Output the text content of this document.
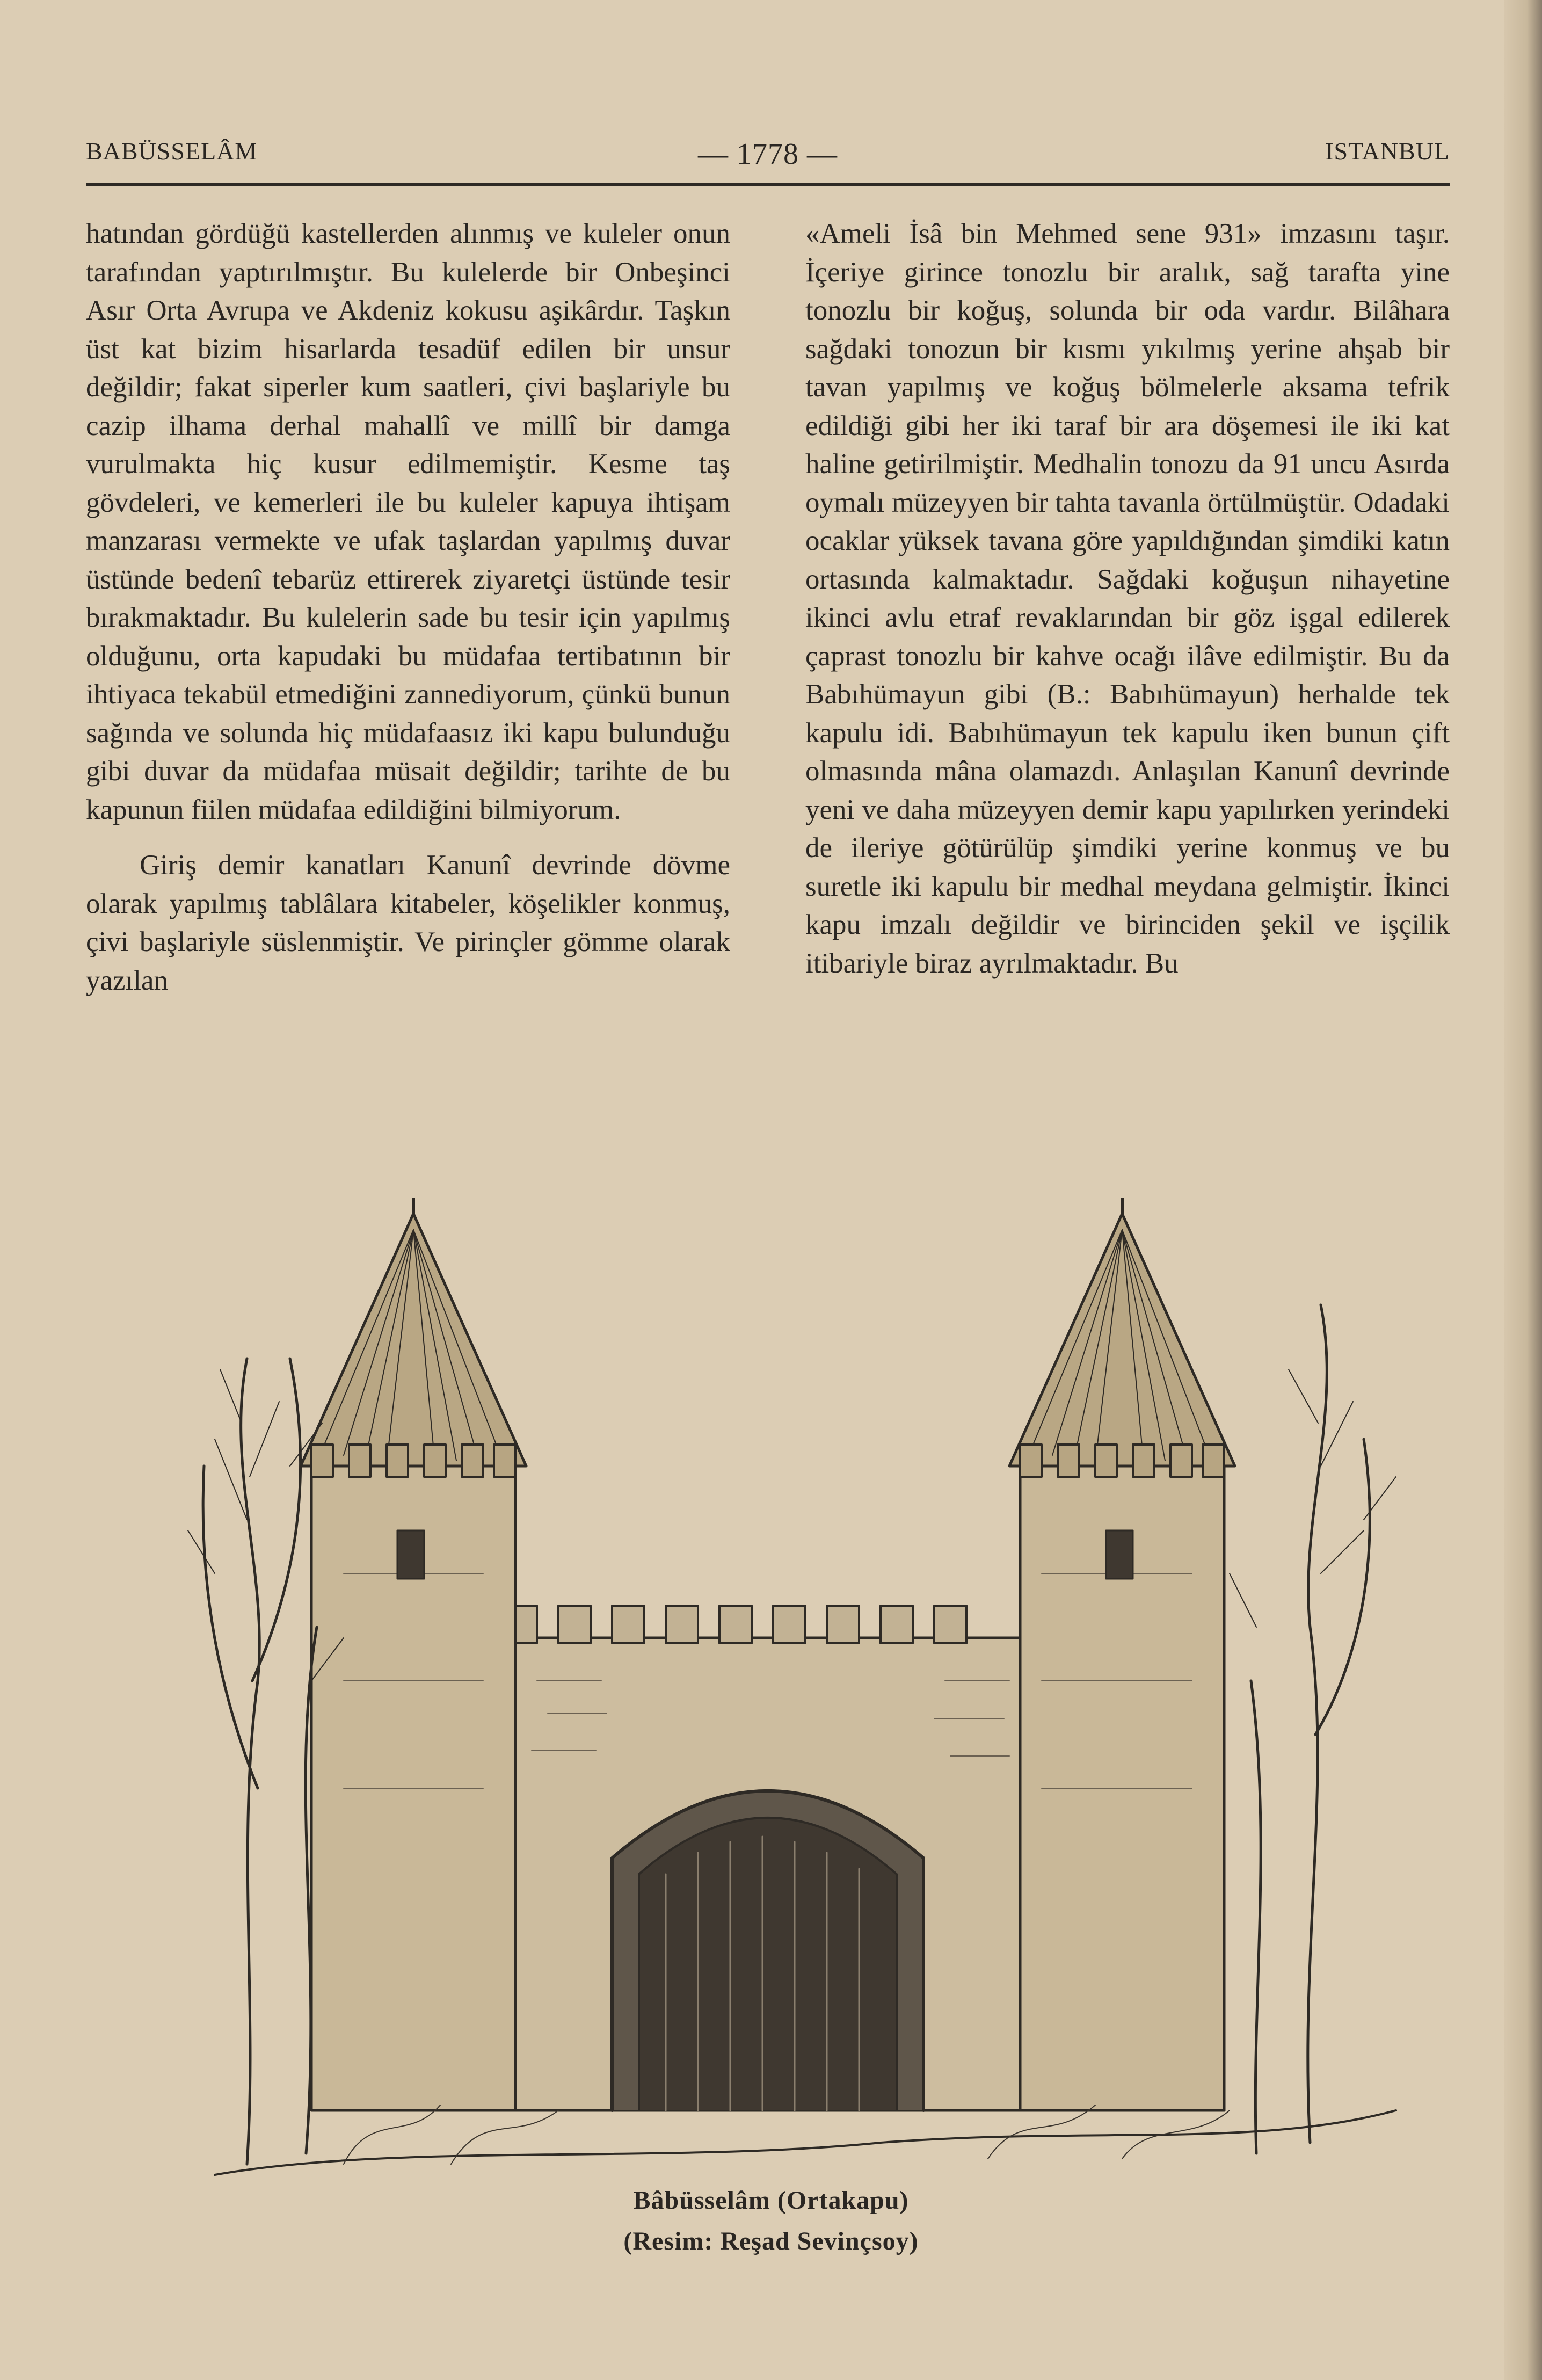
BABÜSSELÂM	— 1778 —	ISTANBUL

hatından gördüğü kastellerden alınmış ve kuleler onun tarafından yaptırılmıştır. Bu kulelerde bir Onbeşinci Asır Orta Avrupa ve Akdeniz kokusu aşikârdır. Taşkın üst kat bizim hisarlarda tesadüf edilen bir unsur değildir; fakat siperler kum saatleri, çivi başlariyle bu cazip ilhama derhal mahallî ve millî bir damga vurulmakta hiç kusur edilmemiştir. Kesme taş gövdeleri, ve kemerleri ile bu kuleler kapuya ihtişam manzarası vermekte ve ufak taşlardan yapılmış duvar üstünde bedenî tebarüz ettirerek ziyaretçi üstünde tesir bırakmaktadır. Bu kulelerin sade bu tesir için yapılmış olduğunu, orta kapudaki bu müdafaa tertibatının bir ihtiyaca tekabül etmediğini zannediyorum, çünkü bunun sağında ve solunda hiç müdafaasız iki kapu bulunduğu gibi duvar da müdafaa müsait değildir; tarihte de bu kapunun fiilen müdafaa edildiğini bilmiyorum.

Giriş demir kanatları Kanunî devrinde dövme olarak yapılmış tablâlara kitabeler, köşelikler konmuş, çivi başlariyle süslenmiştir. Ve pirinçler gömme olarak yazılan

«Ameli İsâ bin Mehmed sene 931» imzasını taşır. İçeriye girince tonozlu bir aralık, sağ tarafta yine tonozlu bir koğuş, solunda bir oda vardır. Bilâhara sağdaki tonozun bir kısmı yıkılmış yerine ahşab bir tavan yapılmış ve koğuş bölmelerle aksama tefrik edildiği gibi her iki taraf bir ara döşemesi ile iki kat haline getirilmiştir. Medhalin tonozu da 91 uncu Asırda oymalı müzeyyen bir tahta tavanla örtülmüştür. Odadaki ocaklar yüksek tavana göre yapıldığından şimdiki katın ortasında kalmaktadır. Sağdaki koğuşun nihayetine ikinci avlu etraf revaklarından bir göz işgal edilerek çaprast tonozlu bir kahve ocağı ilâve edilmiştir. Bu da Babıhümayun gibi (B.: Babıhümayun) herhalde tek kapulu idi. Babıhümayun tek kapulu iken bunun çift olmasında mâna olamazdı. Anlaşılan Kanunî devrinde yeni ve daha müzeyyen demir kapu yapılırken yerindeki de ileriye götürülüp şimdiki yerine konmuş ve bu suretle iki kapulu bir medhal meydana gelmiştir. İkinci kapu imzalı değildir ve birinciden şekil ve işçilik itibariyle biraz ayrılmaktadır. Bu

Bâbüsselâm (Ortakapu)
(Resim: Reşad Sevinçsoy)
